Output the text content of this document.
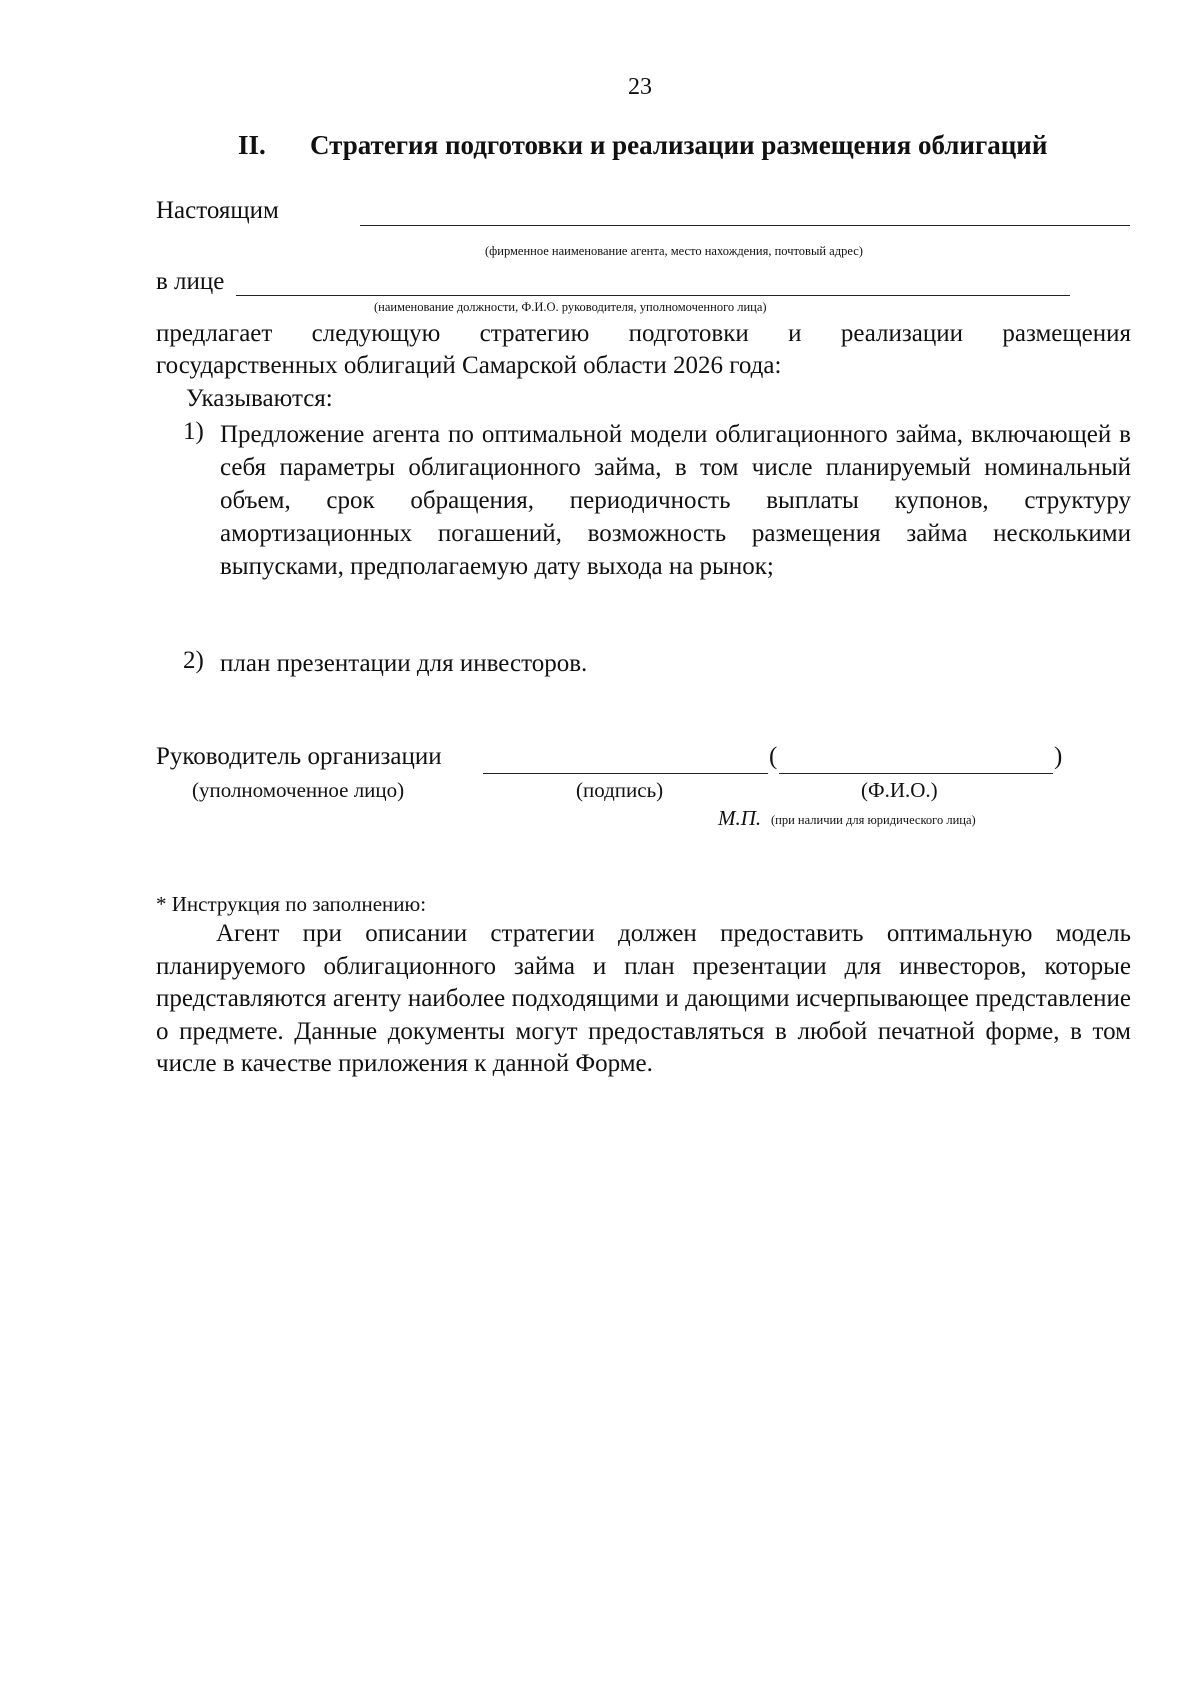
23
II. Стратегия подготовки и реализации размещения облигаций
Настоящим
(фирменное наименование агента, место нахождения, почтовый адрес)
в лице
(наименование должности, Ф.И.О. руководителя, уполномоченного лица)
предлагает следующую стратегию подготовки и реализации размещения
государственных облигаций Самарской области 2026 года:
Указываются:
1) Предложение агента по оптимальной модели облигационного займа, включающей в себя параметры облигационного займа, в том числе планируемый номинальный объем, срок обращения, периодичность выплаты купонов, структуру амортизационных погашений, возможность размещения займа несколькими выпусками, предполагаемую дату выхода на рынок;
2) план презентации для инвесторов.
Руководитель организации	(	)
(уполномоченное лицо)	(подпись)	(Ф.И.О.)
М.П. (при наличии для юридического лица)
* Инструкция по заполнению:
Агент при описании стратегии должен предоставить оптимальную модель планируемого облигационного займа и план презентации для инвесторов, которые представляются агенту наиболее подходящими и дающими исчерпывающее представление о предмете. Данные документы могут предоставляться в любой печатной форме, в том числе в качестве приложения к данной Форме.
